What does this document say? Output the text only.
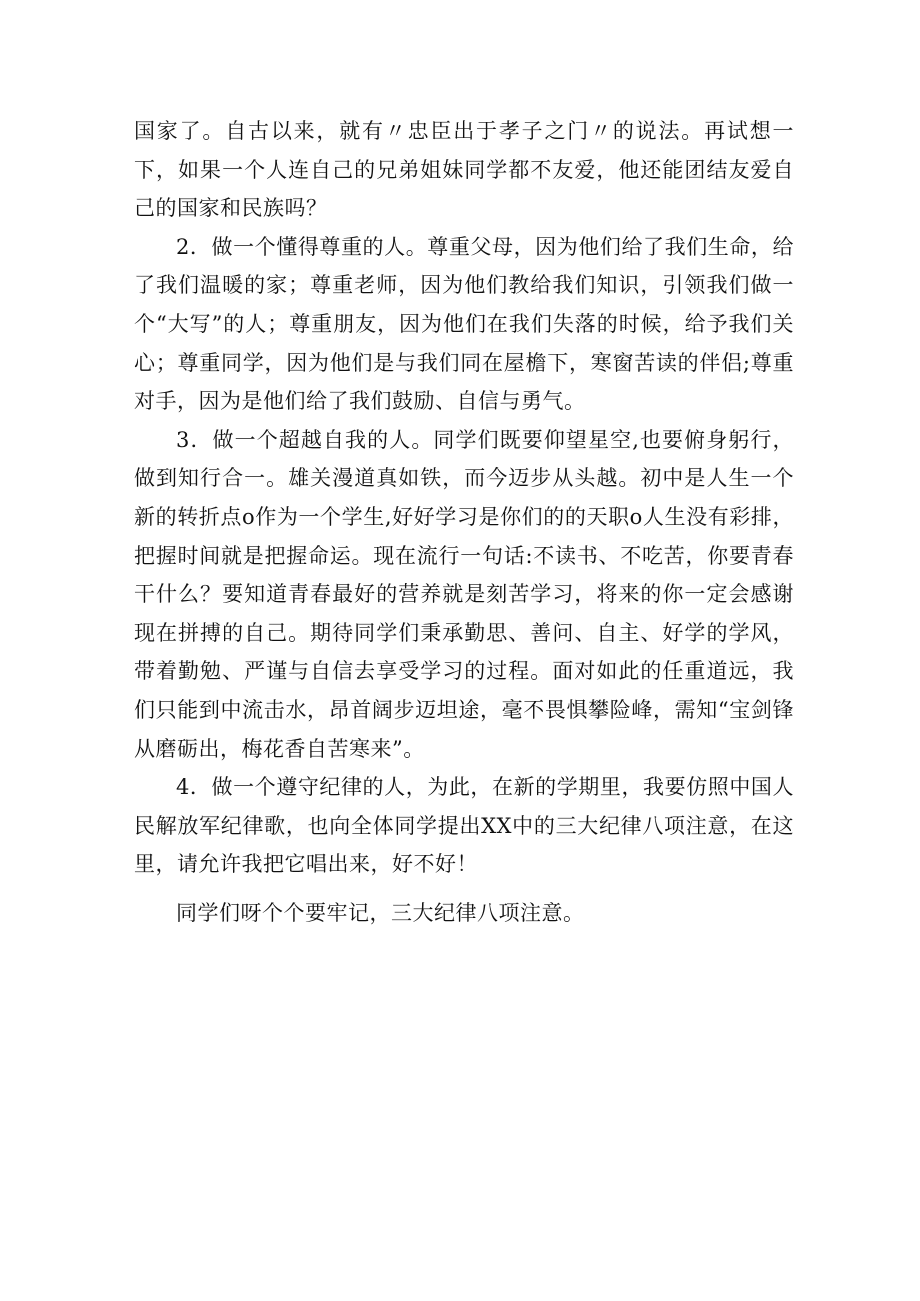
国家了。自古以来，就有〃忠臣出于孝子之门〃的说法。再试想一下，如果一个人连自己的兄弟姐妹同学都不友爱，他还能团结友爱自己的国家和民族吗？

2．做一个懂得尊重的人。尊重父母，因为他们给了我们生命，给了我们温暖的家；尊重老师，因为他们教给我们知识，引领我们做一个“大写”的人；尊重朋友，因为他们在我们失落的时候，给予我们关心；尊重同学，因为他们是与我们同在屋檐下，寒窗苦读的伴侣;尊重对手，因为是他们给了我们鼓励、自信与勇气。

3．做一个超越自我的人。同学们既要仰望星空,也要俯身躬行，做到知行合一。雄关漫道真如铁，而今迈步从头越。初中是人生一个新的转折点o作为一个学生,好好学习是你们的的天职o人生没有彩排，把握时间就是把握命运。现在流行一句话:不读书、不吃苦，你要青春干什么？要知道青春最好的营养就是刻苦学习，将来的你一定会感谢现在拼搏的自己。期待同学们秉承勤思、善问、自主、好学的学风，带着勤勉、严谨与自信去享受学习的过程。面对如此的任重道远，我们只能到中流击水，昂首阔步迈坦途，毫不畏惧攀险峰，需知“宝剑锋从磨砺出，梅花香自苦寒来”。

4．做一个遵守纪律的人，为此，在新的学期里，我要仿照中国人民解放军纪律歌，也向全体同学提出XX中的三大纪律八项注意，在这里，请允许我把它唱出来，好不好！

同学们呀个个要牢记，三大纪律八项注意。
